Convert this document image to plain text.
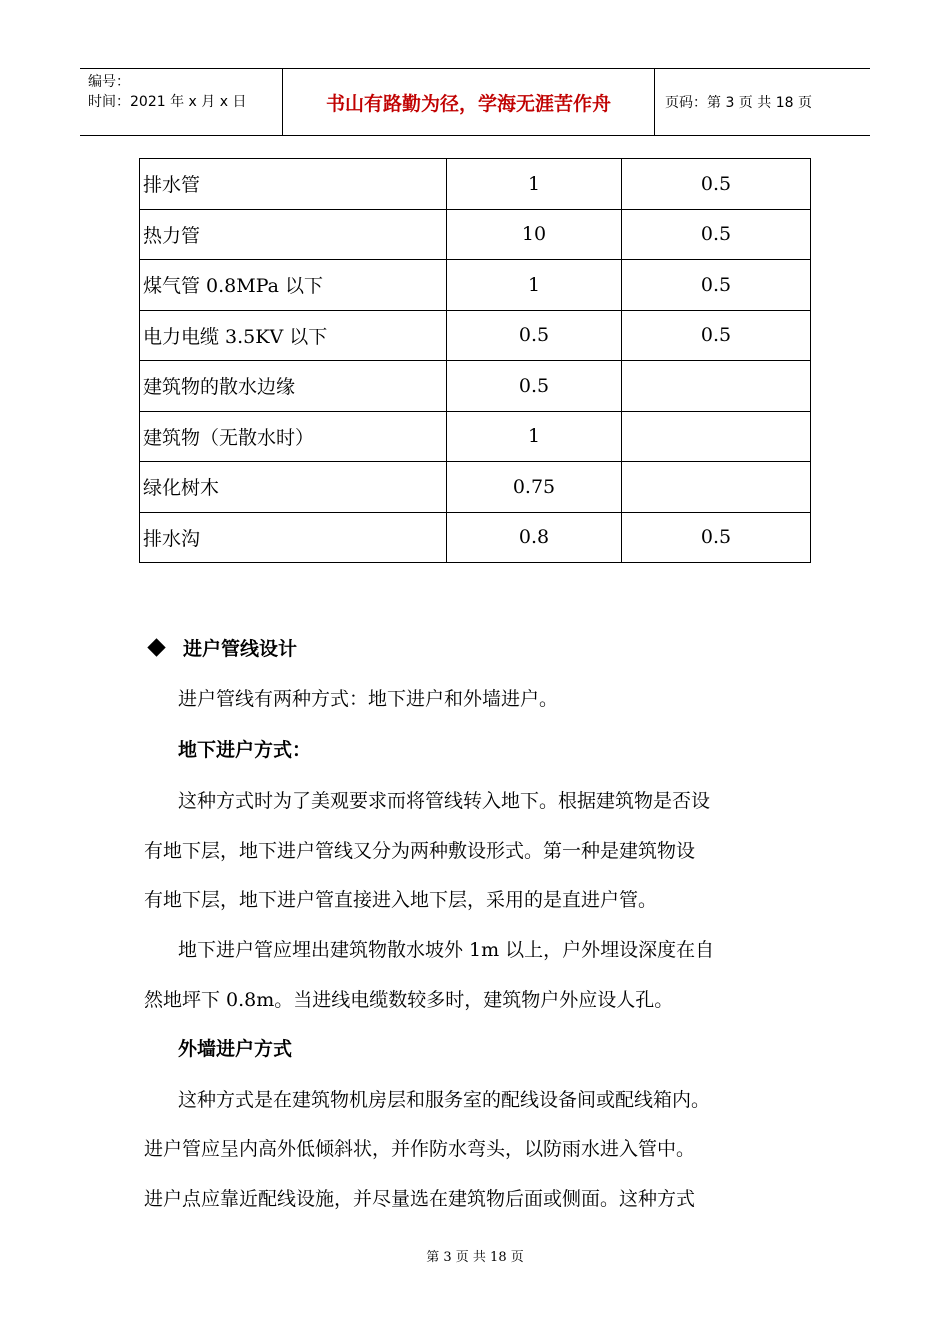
编号：
时间：2021 年 x 月 x 日	书山有路勤为径，学海无涯苦作舟	页码：第 3 页 共 18 页
排水管	1	0.5
热力管	10	0.5
煤气管 0.8MPa 以下	1	0.5
电力电缆 3.5KV 以下	0.5	0.5
建筑物的散水边缘	0.5	
建筑物（无散水时）	1	
绿化树木	0.75	
排水沟	0.8	0.5
进户管线设计
进户管线有两种方式：地下进户和外墙进户。
地下进户方式：
这种方式时为了美观要求而将管线转入地下。根据建筑物是否设
有地下层，地下进户管线又分为两种敷设形式。第一种是建筑物设
有地下层，地下进户管直接进入地下层，采用的是直进户管。
地下进户管应埋出建筑物散水坡外 1m 以上，户外埋设深度在自
然地坪下 0.8m。当进线电缆数较多时，建筑物户外应设人孔。
外墙进户方式
这种方式是在建筑物机房层和服务室的配线设备间或配线箱内。
进户管应呈内高外低倾斜状，并作防水弯头，以防雨水进入管中。
进户点应靠近配线设施，并尽量选在建筑物后面或侧面。这种方式
第 3 页 共 18 页
